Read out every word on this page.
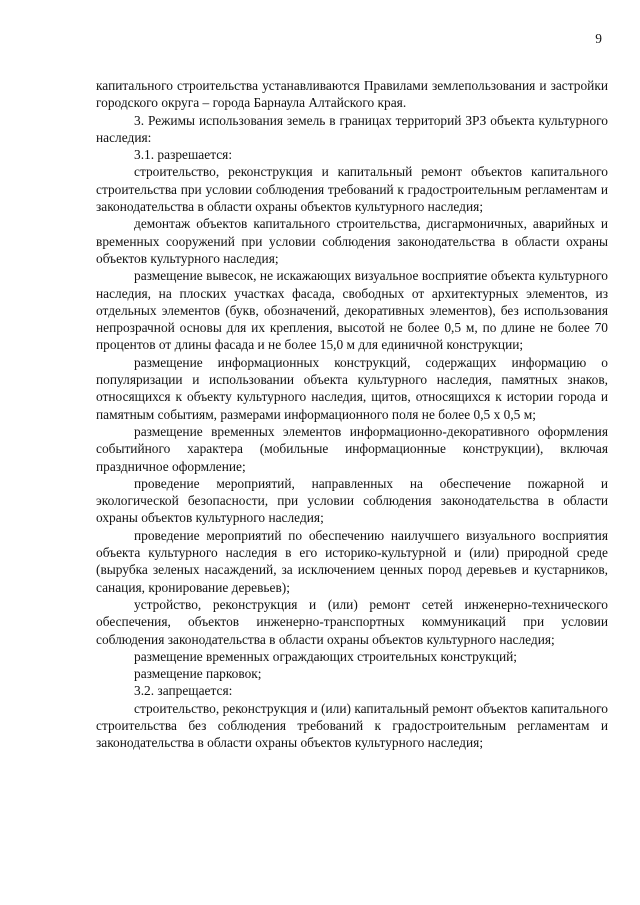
9

капитального строительства устанавливаются Правилами землепользования и застройки городского округа – города Барнаула Алтайского края.

3. Режимы использования земель в границах территорий ЗРЗ объекта культурного наследия:

3.1. разрешается:

строительство, реконструкция и капитальный ремонт объектов капитального строительства при условии соблюдения требований к градостроительным регламентам и законодательства в области охраны объектов культурного наследия;

демонтаж объектов капитального строительства, дисгармоничных, аварийных и временных сооружений при условии соблюдения законодательства в области охраны объектов культурного наследия;

размещение вывесок, не искажающих визуальное восприятие объекта культурного наследия, на плоских участках фасада, свободных от архитектурных элементов, из отдельных элементов (букв, обозначений, декоративных элементов), без использования непрозрачной основы для их крепления, высотой не более 0,5 м, по длине не более 70 процентов от длины фасада и не более 15,0 м для единичной конструкции;

размещение информационных конструкций, содержащих информацию о популяризации и использовании объекта культурного наследия, памятных знаков, относящихся к объекту культурного наследия, щитов, относящихся к истории города и памятным событиям, размерами информационного поля не более 0,5 х 0,5 м;

размещение временных элементов информационно-декоративного оформления событийного характера (мобильные информационные конструкции), включая праздничное оформление;

проведение мероприятий, направленных на обеспечение пожарной и экологической безопасности, при условии соблюдения законодательства в области охраны объектов культурного наследия;

проведение мероприятий по обеспечению наилучшего визуального восприятия объекта культурного наследия в его историко-культурной и (или) природной среде (вырубка зеленых насаждений, за исключением ценных пород деревьев и кустарников, санация, кронирование деревьев);

устройство, реконструкция и (или) ремонт сетей инженерно-технического обеспечения, объектов инженерно-транспортных коммуникаций при условии соблюдения законодательства в области охраны объектов культурного наследия;

размещение временных ограждающих строительных конструкций;

размещение парковок;

3.2. запрещается:

строительство, реконструкция и (или) капитальный ремонт объектов капитального строительства без соблюдения требований к градостроительным регламентам и законодательства в области охраны объектов культурного наследия;
